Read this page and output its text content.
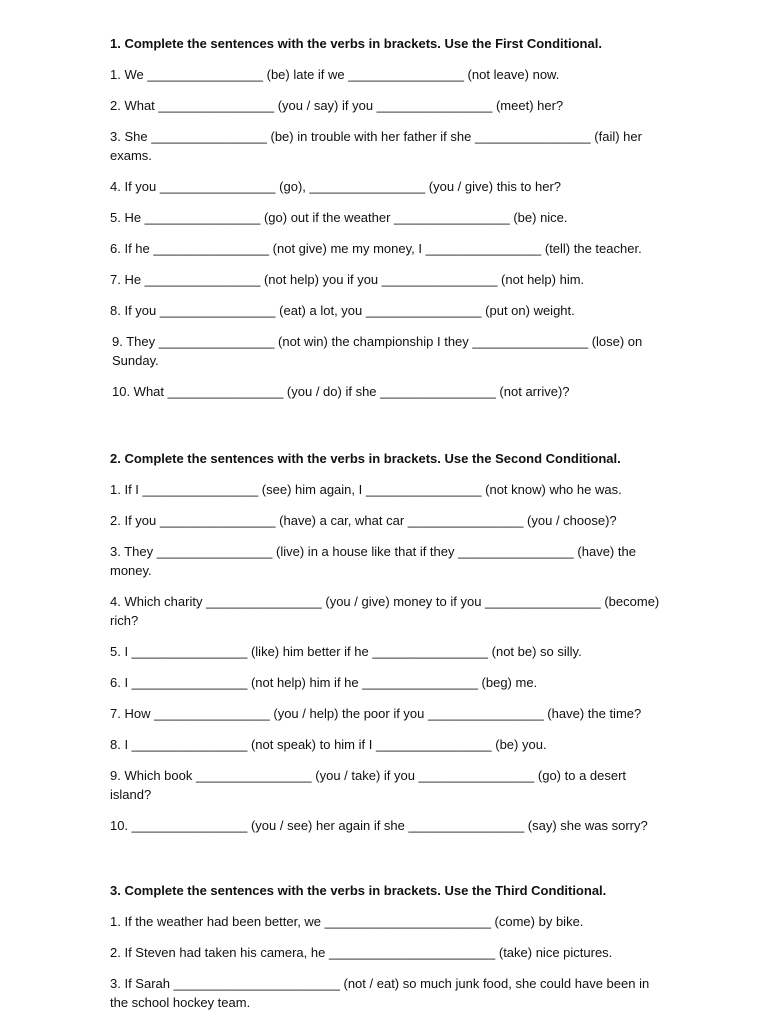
1. Complete the sentences with the verbs in brackets. Use the First Conditional.

1. We ________________ (be) late if we ________________ (not leave) now.

2. What ________________ (you / say) if you ________________ (meet) her?

3. She ________________ (be) in trouble with her father if she ________________ (fail) her exams.

4. If you ________________ (go), ________________ (you / give) this to her?

5. He ________________ (go) out if the weather ________________ (be) nice.

6. If he ________________ (not give) me my money, I ________________ (tell) the teacher.

7. He ________________ (not help) you if you ________________ (not help) him.

8. If you ________________ (eat) a lot, you ________________ (put on) weight.

9. They ________________ (not win) the championship I they ________________ (lose) on Sunday.

10. What ________________ (you / do) if she ________________ (not arrive)?

2. Complete the sentences with the verbs in brackets. Use the Second Conditional.

1. If I ________________ (see) him again, I ________________ (not know) who he was.

2. If you ________________ (have) a car, what car ________________ (you / choose)?

3. They ________________ (live) in a house like that if they ________________ (have) the money.

4. Which charity ________________ (you / give) money to if you ________________ (become) rich?

5. I ________________ (like) him better if he ________________ (not be) so silly.

6. I ________________ (not help) him if he ________________ (beg) me.

7. How ________________ (you / help) the poor if you ________________ (have) the time?

8. I ________________ (not speak) to him if I ________________ (be) you.

9. Which book ________________ (you / take) if you ________________ (go) to a desert island?

10. ________________ (you / see) her again if she ________________ (say) she was sorry?

3. Complete the sentences with the verbs in brackets. Use the Third Conditional.

1. If the weather had been better, we _______________________ (come) by bike.

2. If Steven had taken his camera, he _______________________ (take) nice pictures.

3. If Sarah _______________________ (not / eat) so much junk food, she could have been in the school hockey team.
